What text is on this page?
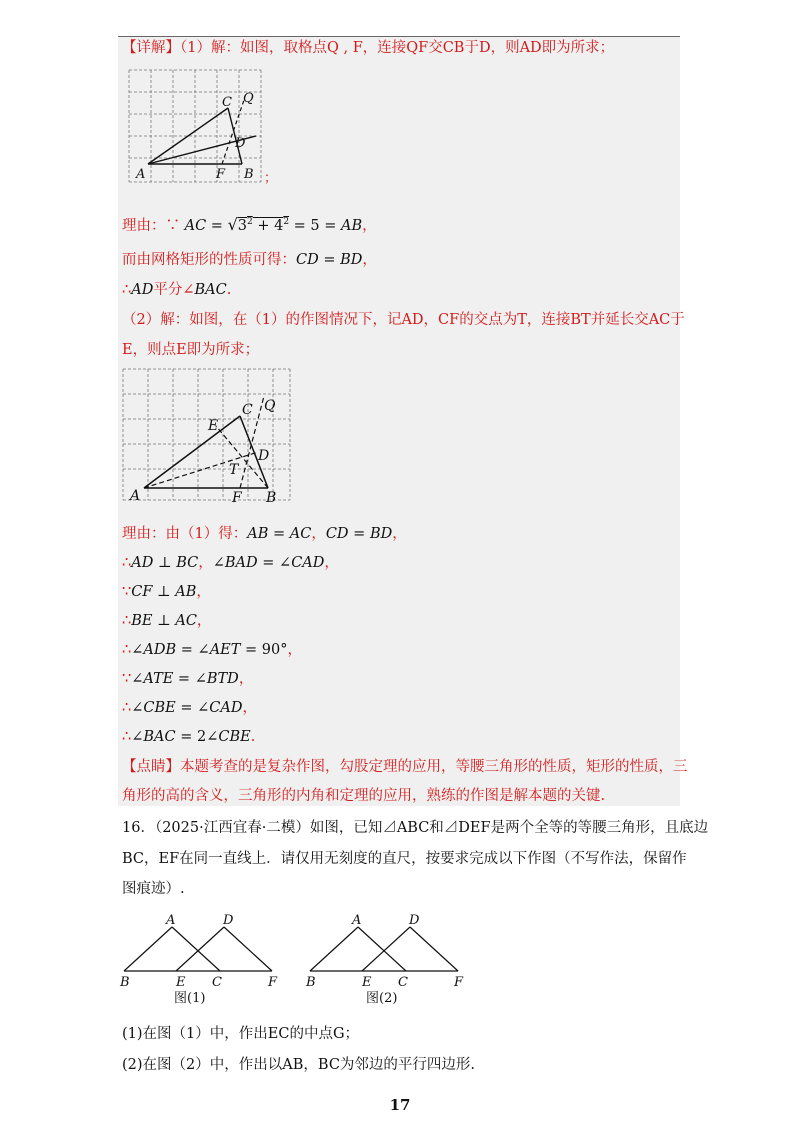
【详解】（1）解：如图，取格点Q , F，连接QF交CB于D，则AD即为所求；
C Q
D
A	F B ；
理由：∵ AC = $√3^2 + 4^2 = 5$ = AB，
而由网格矩形的性质可得：CD = BD，
∴AD平分∠BAC.
（2）解：如图，在（1）的作图情况下，记AD，CF的交点为T，连接BT并延长交AC于
E，则点E即为所求；
C Q
E
D
T
A	F B
理由：由（1）得：AB = AC，CD = BD，
∴AD ⊥ BC，∠BAD = ∠CAD，
∵CF ⊥ AB，
∴BE ⊥ AC，
∴∠ADB = ∠AET = 90°，
∵∠ATE = ∠BTD，
∴∠CBE = ∠CAD，
∴∠BAC = 2∠CBE.
【点睛】本题考查的是复杂作图，勾股定理的应用，等腰三角形的性质，矩形的性质，三
角形的高的含义，三角形的内角和定理的应用，熟练的作图是解本题的关键.
16．（2025·江西宜春·二模）如图，已知⊿ABC和⊿DEF是两个全等的等腰三角形，且底边
BC，EF在同一直线上．请仅用无刻度的直尺，按要求完成以下作图（不写作法，保留作
图痕迹）.
A	D
B	E C	F
图(1)
A	D
B	E C	F
图(2)
(1)在图（1）中，作出EC的中点G；
(2)在图（2）中，作出以AB，BC为邻边的平行四边形.
17
